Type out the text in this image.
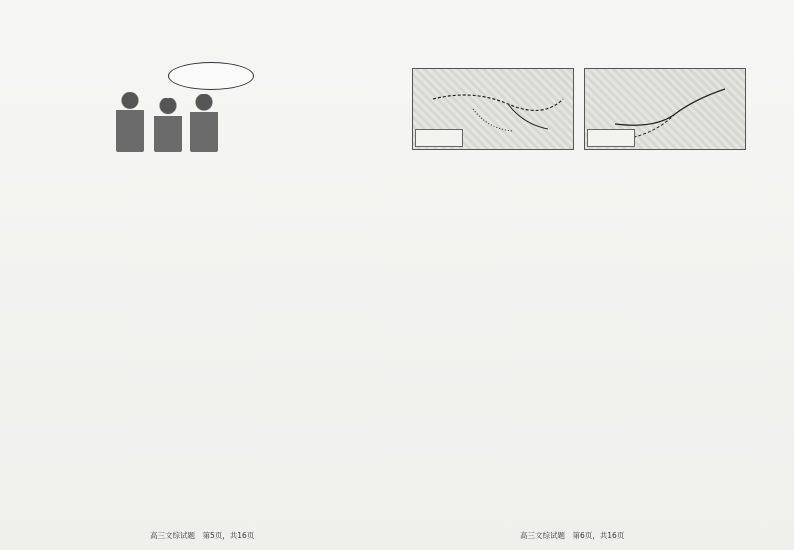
高三文综试题　第5页，共16页	高三文综试题　第6页，共16页
